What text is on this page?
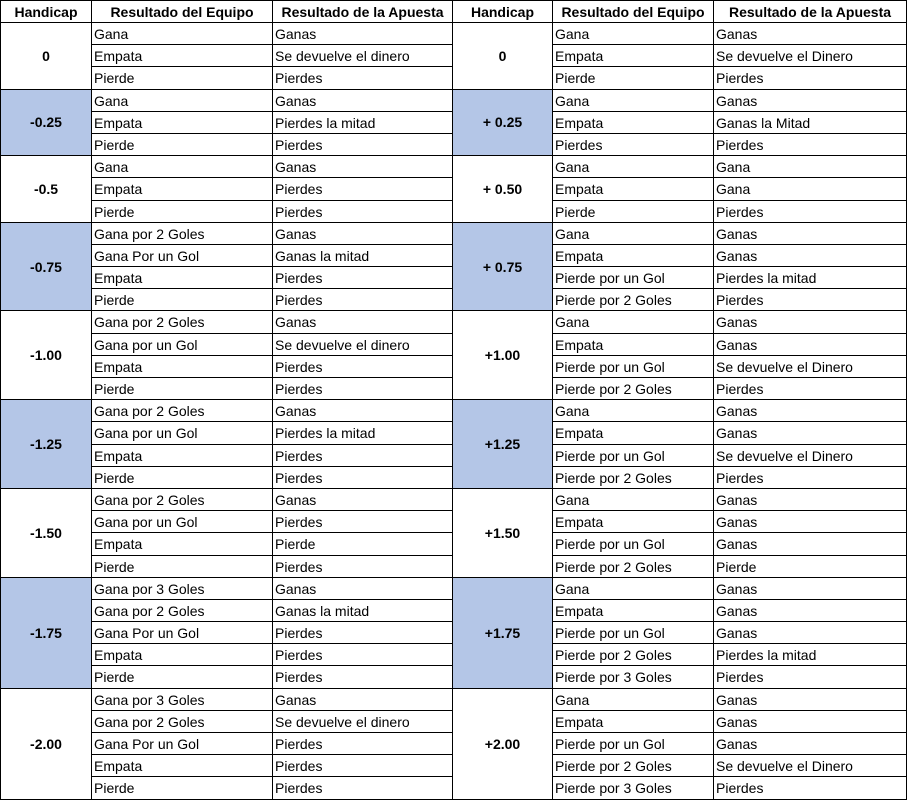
Handicap	Resultado del Equipo	Resultado de la Apuesta
0
Gana	Ganas
Empata	Se devuelve el dinero
Pierde	Pierdes
-0.25
Gana	Ganas
Empata	Pierdes la mitad
Pierde	Pierdes
-0.5
Gana	Ganas
Empata	Pierdes
Pierde	Pierdes
-0.75
Gana por 2 Goles	Ganas
Gana Por un Gol	Ganas la mitad
Empata	Pierdes
Pierde	Pierdes
-1.00
Gana por 2 Goles	Ganas
Gana por un Gol	Se devuelve el dinero
Empata	Pierdes
Pierde	Pierdes
-1.25
Gana por 2 Goles	Ganas
Gana por un Gol	Pierdes la mitad
Empata	Pierdes
Pierde	Pierdes
-1.50
Gana por 2 Goles	Ganas
Gana por un Gol	Pierdes
Empata	Pierde
Pierde	Pierdes
-1.75
Gana por 3 Goles	Ganas
Gana por 2 Goles	Ganas la mitad
Gana Por un Gol	Pierdes
Empata	Pierdes
Pierde	Pierdes
-2.00
Gana por 3 Goles	Ganas
Gana por 2 Goles	Se devuelve el dinero
Gana Por un Gol	Pierdes
Empata	Pierdes
Pierde	Pierdes
Handicap	Resultado del Equipo	Resultado de la Apuesta
0
Gana	Ganas
Empata	Se devuelve el Dinero
Pierde	Pierdes
+ 0.25
Gana	Ganas
Empata	Ganas la Mitad
Pierdes	Pierdes
+ 0.50
Gana	Gana
Empata	Gana
Pierde	Pierdes
+ 0.75
Gana	Ganas
Empata	Ganas
Pierde por un Gol	Pierdes la mitad
Pierde por 2 Goles	Pierdes
+1.00
Gana	Ganas
Empata	Ganas
Pierde por un Gol	Se devuelve el Dinero
Pierde por 2 Goles	Pierdes
+1.25
Gana	Ganas
Empata	Ganas
Pierde por un Gol	Se devuelve el Dinero
Pierde por 2 Goles	Pierdes
+1.50
Gana	Ganas
Empata	Ganas
Pierde por un Gol	Ganas
Pierde por 2 Goles	Pierde
+1.75
Gana	Ganas
Empata	Ganas
Pierde por un Gol	Ganas
Pierde por 2 Goles	Pierdes la mitad
Pierde por 3 Goles	Pierdes
+2.00
Gana	Ganas
Empata	Ganas
Pierde por un Gol	Ganas
Pierde por 2 Goles	Se devuelve el Dinero
Pierde por 3 Goles	Pierdes
